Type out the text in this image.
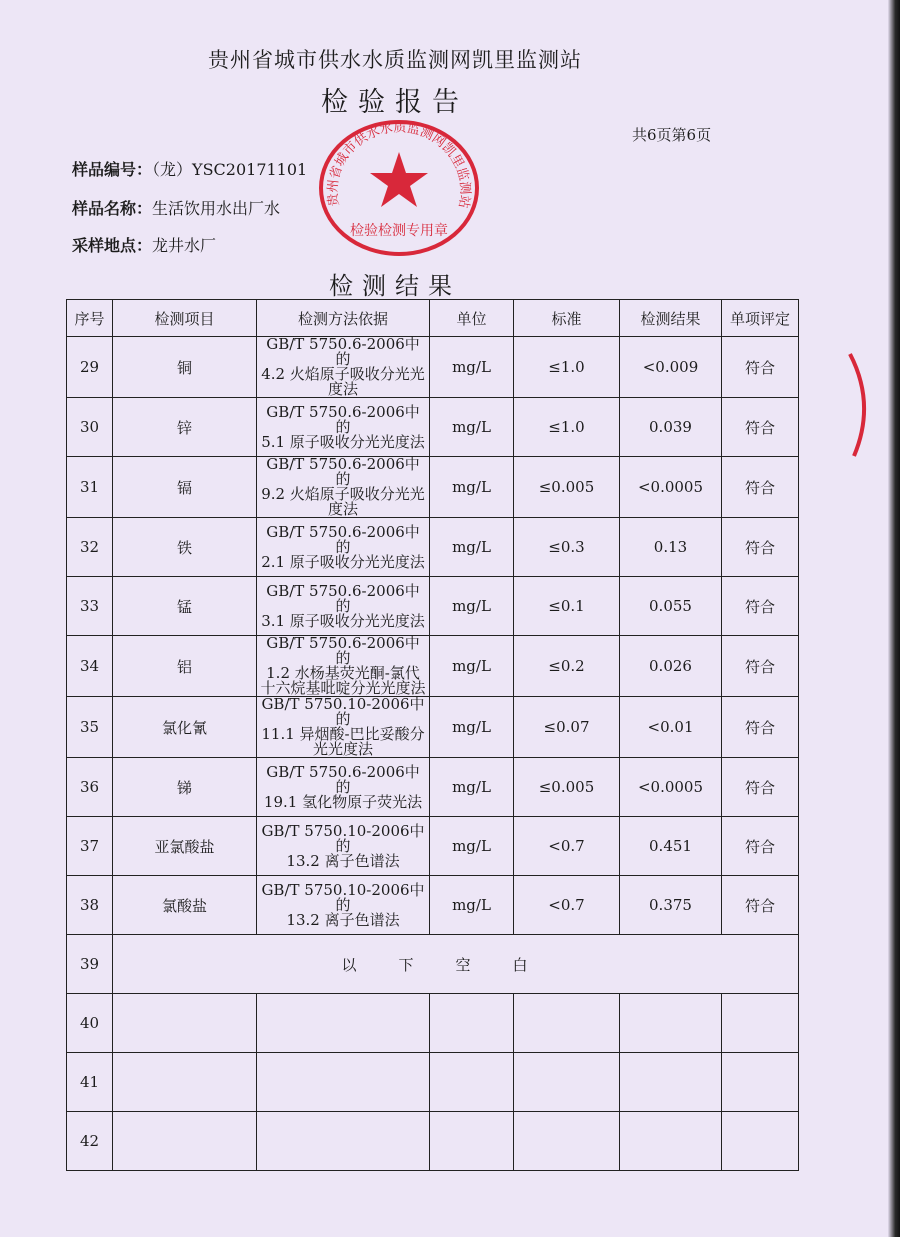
贵州省城市供水水质监测网凯里监测站
检验报告
共6页第6页
贵州省城市供水水质监测网凯里监测站
检验检测专用章
样品编号：（龙）YSC20171101
样品名称：生活饮用水出厂水
采样地点：龙井水厂
检测结果
序号	检测项目	检测方法依据	单位	标准	检测结果	单项评定
29	铜	GB/T 5750.6-2006中的
4.2 火焰原子吸收分光光
度法	mg/L	≤1.0	<0.009	符合
30	锌	GB/T 5750.6-2006中的
5.1 原子吸收分光光度法	mg/L	≤1.0	0.039	符合
31	镉	GB/T 5750.6-2006中的
9.2 火焰原子吸收分光光
度法	mg/L	≤0.005	<0.0005	符合
32	铁	GB/T 5750.6-2006中的
2.1 原子吸收分光光度法	mg/L	≤0.3	0.13	符合
33	锰	GB/T 5750.6-2006中的
3.1 原子吸收分光光度法	mg/L	≤0.1	0.055	符合
34	铝	GB/T 5750.6-2006中的
1.2 水杨基荧光酮-氯代
十六烷基吡啶分光光度法	mg/L	≤0.2	0.026	符合
35	氯化氰	GB/T 5750.10-2006中的
11.1 异烟酸-巴比妥酸分
光光度法	mg/L	≤0.07	<0.01	符合
36	锑	GB/T 5750.6-2006中的
19.1 氢化物原子荧光法	mg/L	≤0.005	<0.0005	符合
37	亚氯酸盐	GB/T 5750.10-2006中的
13.2 离子色谱法	mg/L	<0.7	0.451	符合
38	氯酸盐	GB/T 5750.10-2006中的
13.2 离子色谱法	mg/L	<0.7	0.375	符合
39	以下空白					
40						
41						
42						
